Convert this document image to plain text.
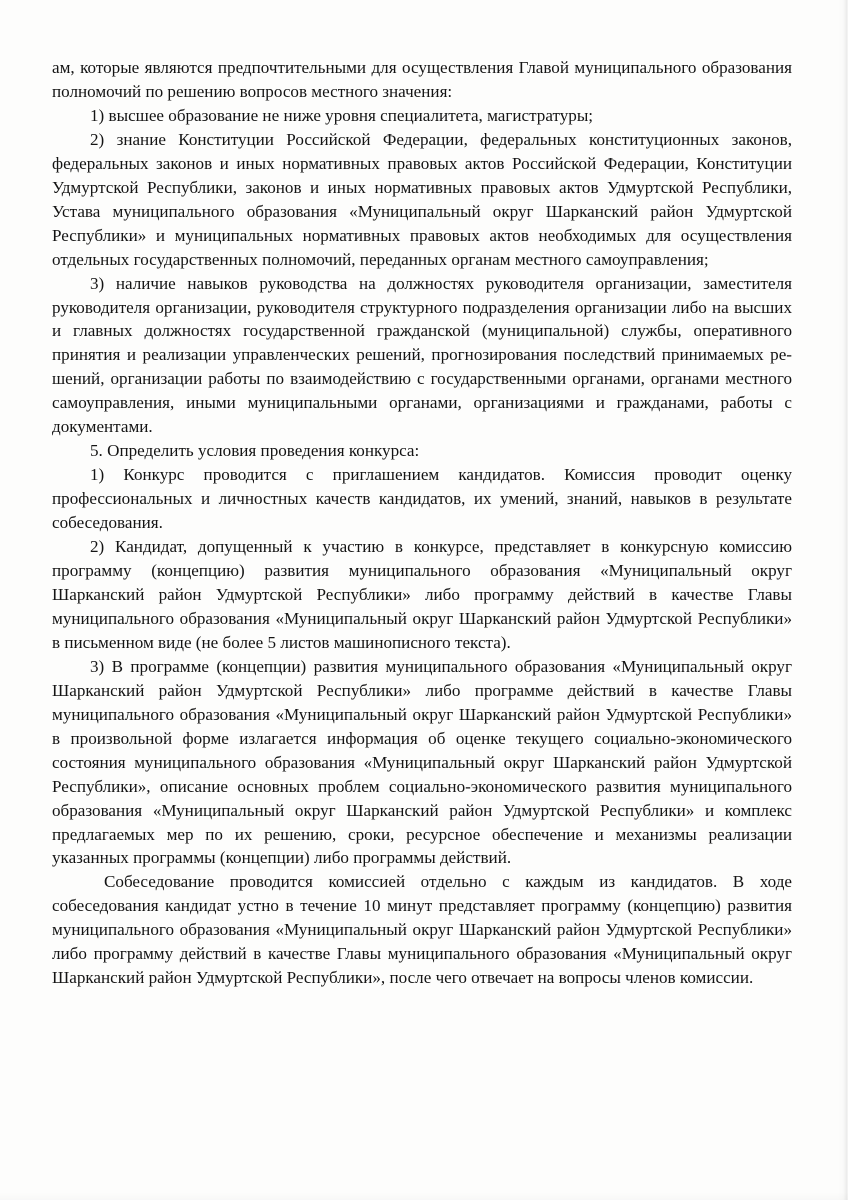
ам, которые являются предпочтительными для осуществления Главой муниципального образования полномочий по решению вопросов местного значения:

1) высшее образование не ниже уровня специалитета, магистратуры;

2) знание Конституции Российской Федерации, федеральных конституционных законов, федеральных законов и иных нормативных правовых актов Российской Федерации, Конституции Удмуртской Республики, законов и иных нормативных правовых актов Удмуртской Республики, Устава муниципального образования «Муниципальный округ Шарканский район Удмуртской Республики» и муниципальных нормативных правовых актов необходимых для осуществления отдельных государственных полномочий, переданных органам местного самоуправления;

3) наличие навыков руководства на должностях руководителя организации, заместителя руководителя организации, руководителя структурного подразделения организации либо на высших и главных должностях государственной гражданской (муниципальной) службы, оперативного принятия и реализации управленческих решений, прогнозирования последствий принимаемых решений, организации работы по взаимодействию с государственными органами, органами местного самоуправления, иными муниципальными органами, организациями и гражданами, работы с документами.

5. Определить условия проведения конкурса:

1) Конкурс проводится с приглашением кандидатов. Комиссия проводит оценку профессиональных и личностных качеств кандидатов, их умений, знаний, навыков в результате собеседования.

2) Кандидат, допущенный к участию в конкурсе, представляет в конкурсную комиссию программу (концепцию) развития муниципального образования «Муниципальный округ Шарканский район Удмуртской Республики» либо программу действий в качестве Главы муниципального образования «Муниципальный округ Шарканский район Удмуртской Республики» в письменном виде (не более 5 листов машинописного текста).

3) В программе (концепции) развития муниципального образования «Муниципальный округ Шарканский район Удмуртской Республики» либо программе действий в качестве Главы муниципального образования «Муниципальный округ Шарканский район Удмуртской Республики» в произвольной форме излагается информация об оценке текущего социально-экономического состояния муниципального образования «Муниципальный округ Шарканский район Удмуртской Республики», описание основных проблем социально-экономического развития муниципального образования «Муниципальный округ Шарканский район Удмуртской Республики» и комплекс предлагаемых мер по их решению, сроки, ресурсное обеспечение и механизмы реализации указанных программы (концепции) либо программы действий.

Собеседование проводится комиссией отдельно с каждым из кандидатов. В ходе собеседования кандидат устно в течение 10 минут представляет программу (концепцию) развития муниципального образования «Муниципальный округ Шарканский район Удмуртской Республики» либо программу действий в качестве Главы муниципального образования «Муниципальный округ Шарканский район Удмуртской Республики», после чего отвечает на вопросы членов комиссии.
